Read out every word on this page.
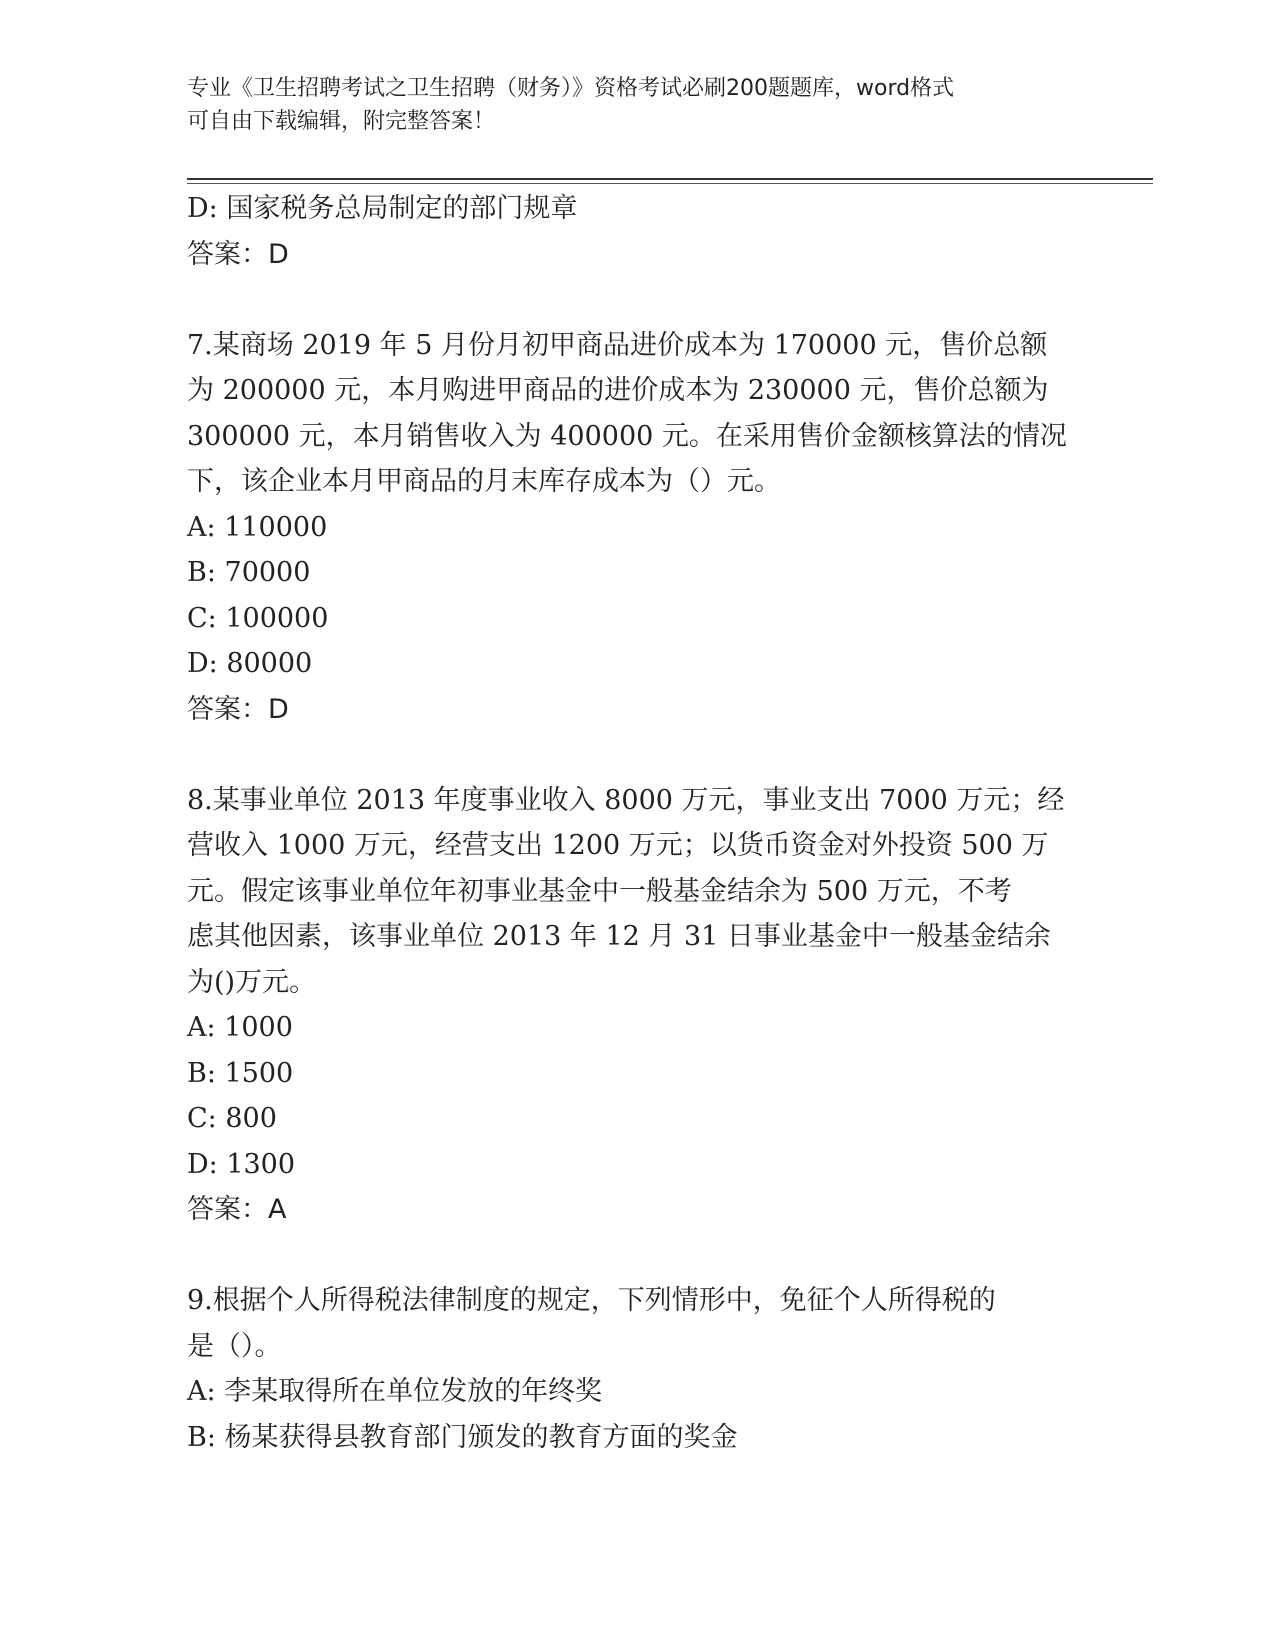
专业《卫生招聘考试之卫生招聘（财务）》资格考试必刷200题题库，word格式
可自由下载编辑，附完整答案！
D: 国家税务总局制定的部门规章
答案：D
7.某商场 2019 年 5 月份月初甲商品进价成本为 170000 元，售价总额
为 200000 元，本月购进甲商品的进价成本为 230000 元，售价总额为
300000 元，本月销售收入为 400000 元。在采用售价金额核算法的情况
下，该企业本月甲商品的月末库存成本为（）元。
A: 110000
B: 70000
C: 100000
D: 80000
答案：D
8.某事业单位 2013 年度事业收入 8000 万元，事业支出 7000 万元；经
营收入 1000 万元，经营支出 1200 万元；以货币资金对外投资 500 万
元。假定该事业单位年初事业基金中一般基金结余为 500 万元，不考
虑其他因素，该事业单位 2013 年 12 月 31 日事业基金中一般基金结余
为()万元。
A: 1000
B: 1500
C: 800
D: 1300
答案：A
9.根据个人所得税法律制度的规定，下列情形中，免征个人所得税的
是（）。
A: 李某取得所在单位发放的年终奖
B: 杨某获得县教育部门颁发的教育方面的奖金
